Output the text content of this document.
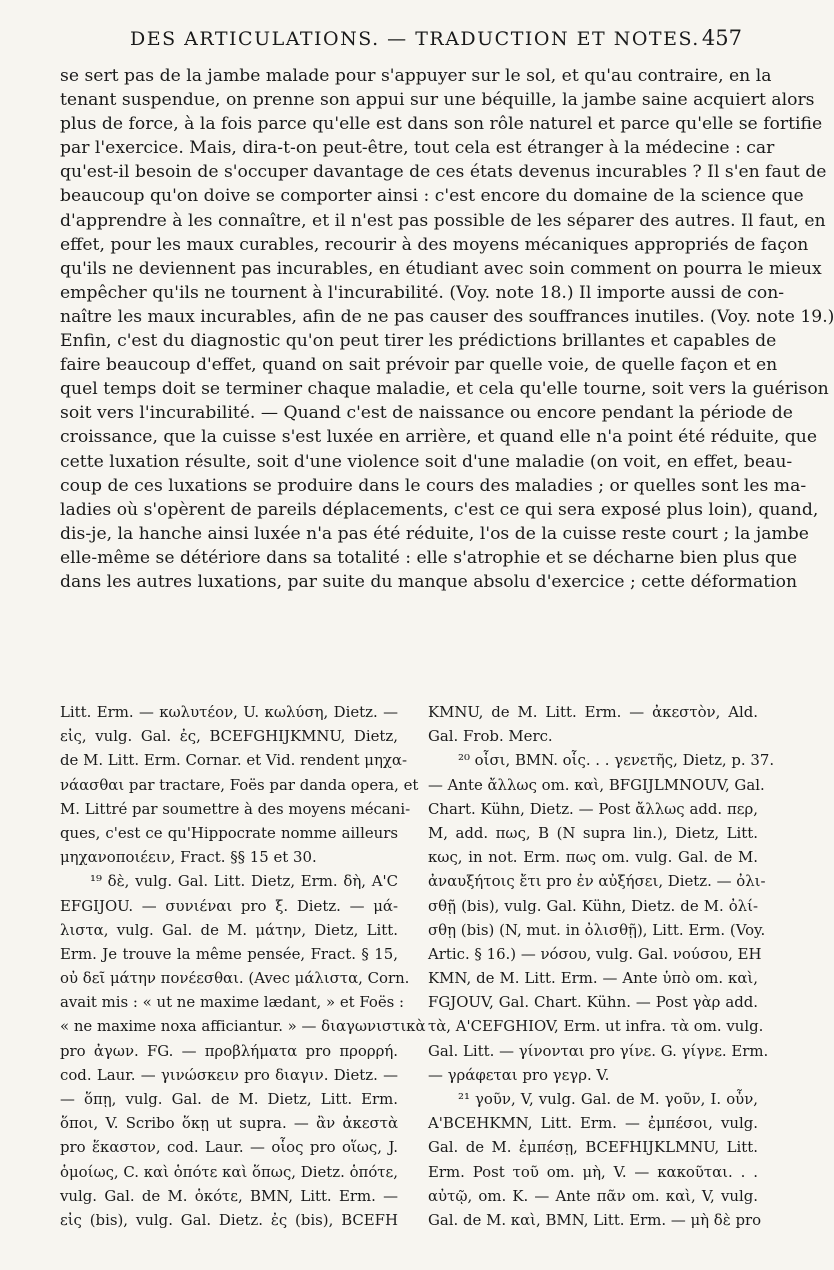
DES ARTICULATIONS. — TRADUCTION ET NOTES. 457
se sert pas de la jambe malade pour s'appuyer sur le sol, et qu'au contraire, en la
tenant suspendue, on prenne son appui sur une béquille, la jambe saine acquiert alors
plus de force, à la fois parce qu'elle est dans son rôle naturel et parce qu'elle se fortifie
par l'exercice. Mais, dira-t-on peut-être, tout cela est étranger à la médecine : car
qu'est-il besoin de s'occuper davantage de ces états devenus incurables ? Il s'en faut de
beaucoup qu'on doive se comporter ainsi : c'est encore du domaine de la science que
d'apprendre à les connaître, et il n'est pas possible de les séparer des autres. Il faut, en
effet, pour les maux curables, recourir à des moyens mécaniques appropriés de façon
qu'ils ne deviennent pas incurables, en étudiant avec soin comment on pourra le mieux
empêcher qu'ils ne tournent à l'incurabilité. (Voy. note 18.) Il importe aussi de con-
naître les maux incurables, afin de ne pas causer des souffrances inutiles. (Voy. note 19.)
Enfin, c'est du diagnostic qu'on peut tirer les prédictions brillantes et capables de
faire beaucoup d'effet, quand on sait prévoir par quelle voie, de quelle façon et en
quel temps doit se terminer chaque maladie, et cela qu'elle tourne, soit vers la guérison
soit vers l'incurabilité. — Quand c'est de naissance ou encore pendant la période de
croissance, que la cuisse s'est luxée en arrière, et quand elle n'a point été réduite, que
cette luxation résulte, soit d'une violence soit d'une maladie (on voit, en effet, beau-
coup de ces luxations se produire dans le cours des maladies ; or quelles sont les ma-
ladies où s'opèrent de pareils déplacements, c'est ce qui sera exposé plus loin), quand,
dis-je, la hanche ainsi luxée n'a pas été réduite, l'os de la cuisse reste court ; la jambe
elle-même se détériore dans sa totalité : elle s'atrophie et se décharne bien plus que
dans les autres luxations, par suite du manque absolu d'exercice ; cette déformation
Litt. Erm. — κωλυτέον, U. κωλύση, Dietz. —
εἰς, vulg. Gal. ἐς, BCEFGHIJKMNU, Dietz,
de M. Litt. Erm. Cornar. et Vid. rendent μηχα-
νάασθαι par tractare, Foës par danda opera, et
M. Littré par soumettre à des moyens mécani-
ques, c'est ce qu'Hippocrate nomme ailleurs
μηχανοποιέειν, Fract. §§ 15 et 30.
¹⁹ δὲ, vulg. Gal. Litt. Dietz, Erm. δὴ, A'C
EFGIJOU. — συνιέναι pro ξ. Dietz. — μά-
λιστα, vulg. Gal. de M. μάτην, Dietz, Litt.
Erm. Je trouve la même pensée, Fract. § 15,
οὐ δεῖ μάτην πονέεσθαι. (Avec μάλιστα, Corn.
avait mis : « ut ne maxime lædant, » et Foës :
« ne maxime noxa afficiantur. » — διαγωνιστικὰ
pro ἀγων. FG. — προβλήματα pro προρρή.
cod. Laur. — γινώσκειν pro διαγιν. Dietz. —
— ὅπῃ, vulg. Gal. de M. Dietz, Litt. Erm.
ὅποι, V. Scribo ὅκῃ ut supra. — ἂν ἀκεστὰ
pro ἕκαστον, cod. Laur. — οἷος pro οἵως, J.
ὁμοίως, C. καὶ ὁπότε καὶ ὅπως, Dietz. ὁπότε,
vulg. Gal. de M. ὁκότε, BMN, Litt. Erm. —
εἰς (bis), vulg. Gal. Dietz. ἐς (bis), BCEFH
KMNU, de M. Litt. Erm. — ἀκεστὸν, Ald.
Gal. Frob. Merc.
²⁰ οἷσι, BMN. οἷς. . . γενετῆς, Dietz, p. 37.
— Ante ἄλλως om. καὶ, BFGIJLMNOUV, Gal.
Chart. Kühn, Dietz. — Post ἄλλως add. περ,
M, add. πως, B (N supra lin.), Dietz, Litt.
κως, in not. Erm. πως om. vulg. Gal. de M.
ἀναυξήτοις ἔτι pro ἐν αὐξήσει, Dietz. — ὀλι-
σθῇ (bis), vulg. Gal. Kühn, Dietz. de M. ὀλί-
σθῃ (bis) (N, mut. in ὀλισθῇ), Litt. Erm. (Voy.
Artic. § 16.) — νόσου, vulg. Gal. νούσου, EH
KMN, de M. Litt. Erm. — Ante ὑπὸ om. καὶ,
FGJOUV, Gal. Chart. Kühn. — Post γὰρ add.
τὰ, A'CEFGHIOV, Erm. ut infra. τὰ om. vulg.
Gal. Litt. — γίνονται pro γίνε. G. γίγνε. Erm.
— γράφεται pro γεγρ. V.
²¹ γοῦν, V, vulg. Gal. de M. γοῦν, I. οὖν,
A'BCEHKMN, Litt. Erm. — ἐμπέσοι, vulg.
Gal. de M. ἐμπέσῃ, BCEFHIJKLMNU, Litt.
Erm. Post τοῦ om. μὴ, V. — κακοῦται. . .
αὐτῷ, om. K. — Ante πᾶν om. καὶ, V, vulg.
Gal. de M. καὶ, BMN, Litt. Erm. — μὴ δὲ pro
